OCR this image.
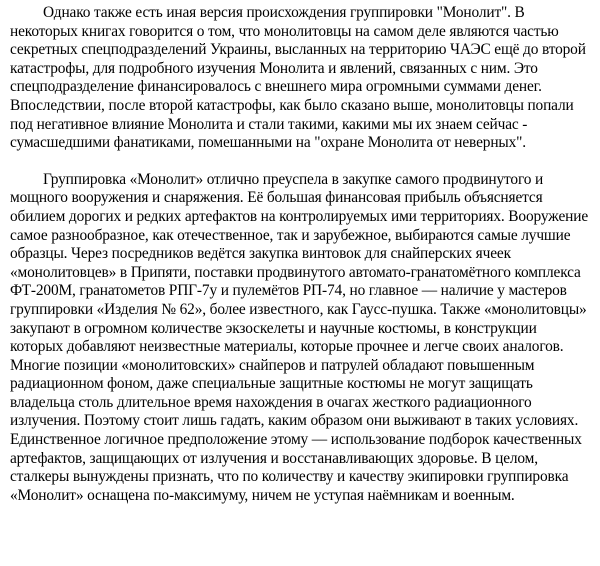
Однако также есть иная версия происхождения группировки "Монолит". В некоторых книгах говорится о том, что монолитовцы на самом деле являются частью секретных спецподразделений Украины, высланных на территорию ЧАЭС ещё до второй катастрофы, для подробного изучения Монолита и явлений, связанных с ним. Это спецподразделение финансировалось с внешнего мира огромными суммами денег. Впоследствии, после второй катастрофы, как было сказано выше, монолитовцы попали под негативное влияние Монолита и стали такими, какими мы их знаем сейчас - сумасшедшими фанатиками, помешанными на "охране Монолита от неверных".

Группировка «Монолит» отлично преуспела в закупке самого продвинутого и мощного вооружения и снаряжения. Её большая финансовая прибыль объясняется обилием дорогих и редких артефактов на контролируемых ими территориях. Вооружение самое разнообразное, как отечественное, так и зарубежное, выбираются самые лучшие образцы. Через посредников ведётся закупка винтовок для снайперских ячеек «монолитовцев» в Припяти, поставки продвинутого автомато-гранатомётного комплекса ФТ-200М, гранатометов РПГ-7у и пулемётов РП-74, но главное — наличие у мастеров группировки «Изделия № 62», более известного, как Гаусс-пушка. Также «монолитовцы» закупают в огромном количестве экзоскелеты и научные костюмы, в конструкции которых добавляют неизвестные материалы, которые прочнее и легче своих аналогов. Многие позиции «монолитовских» снайперов и патрулей обладают повышенным радиационном фоном, даже специальные защитные костюмы не могут защищать владельца столь длительное время нахождения в очагах жесткого радиационного излучения. Поэтому стоит лишь гадать, каким образом они выживают в таких условиях. Единственное логичное предположение этому — использование подборок качественных артефактов, защищающих от излучения и восстанавливающих здоровье. В целом, сталкеры вынуждены признать, что по количеству и качеству экипировки группировка «Монолит» оснащена по-максимуму, ничем не уступая наёмникам и военным.
